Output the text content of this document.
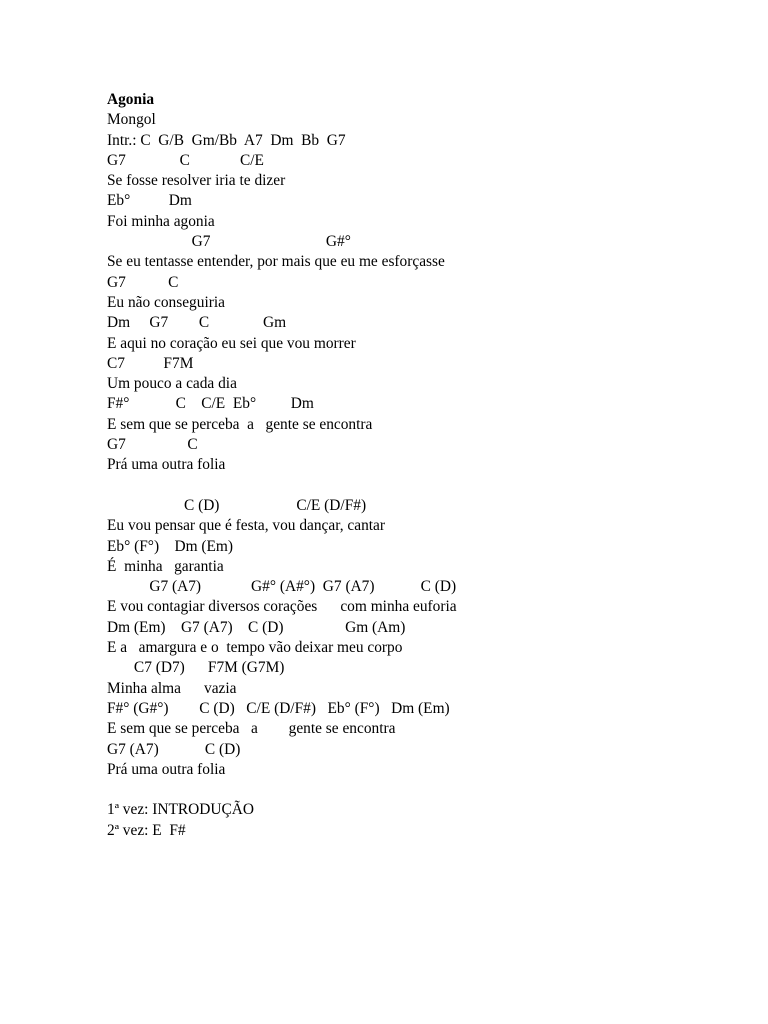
Agonia
Mongol
Intr.: C  G/B  Gm/Bb  A7  Dm  Bb  G7
G7              C             C/E
Se fosse resolver iria te dizer
Eb°          Dm
Foi minha agonia
G7                              G#°
Se eu tentasse entender, por mais que eu me esforçasse
G7           C
Eu não conseguiria
Dm     G7        C              Gm
E aqui no coração eu sei que vou morrer
C7          F7M
Um pouco a cada dia
F#°            C    C/E  Eb°         Dm
E sem que se perceba  a   gente se encontra
G7                C
Prá uma outra folia
C (D)                    C/E (D/F#)
Eu vou pensar que é festa, vou dançar, cantar
Eb° (F°)    Dm (Em)
É  minha   garantia
G7 (A7)             G#° (A#°)  G7 (A7)            C (D)
E vou contagiar diversos corações      com minha euforia
Dm (Em)    G7 (A7)    C (D)                Gm (Am)
E a   amargura e o  tempo vão deixar meu corpo
C7 (D7)      F7M (G7M)
Minha alma      vazia
F#° (G#°)        C (D)   C/E (D/F#)   Eb° (F°)   Dm (Em)
E sem que se perceba   a        gente se encontra
G7 (A7)            C (D)
Prá uma outra folia
1ª vez: INTRODUÇÃO
2ª vez: E  F#
